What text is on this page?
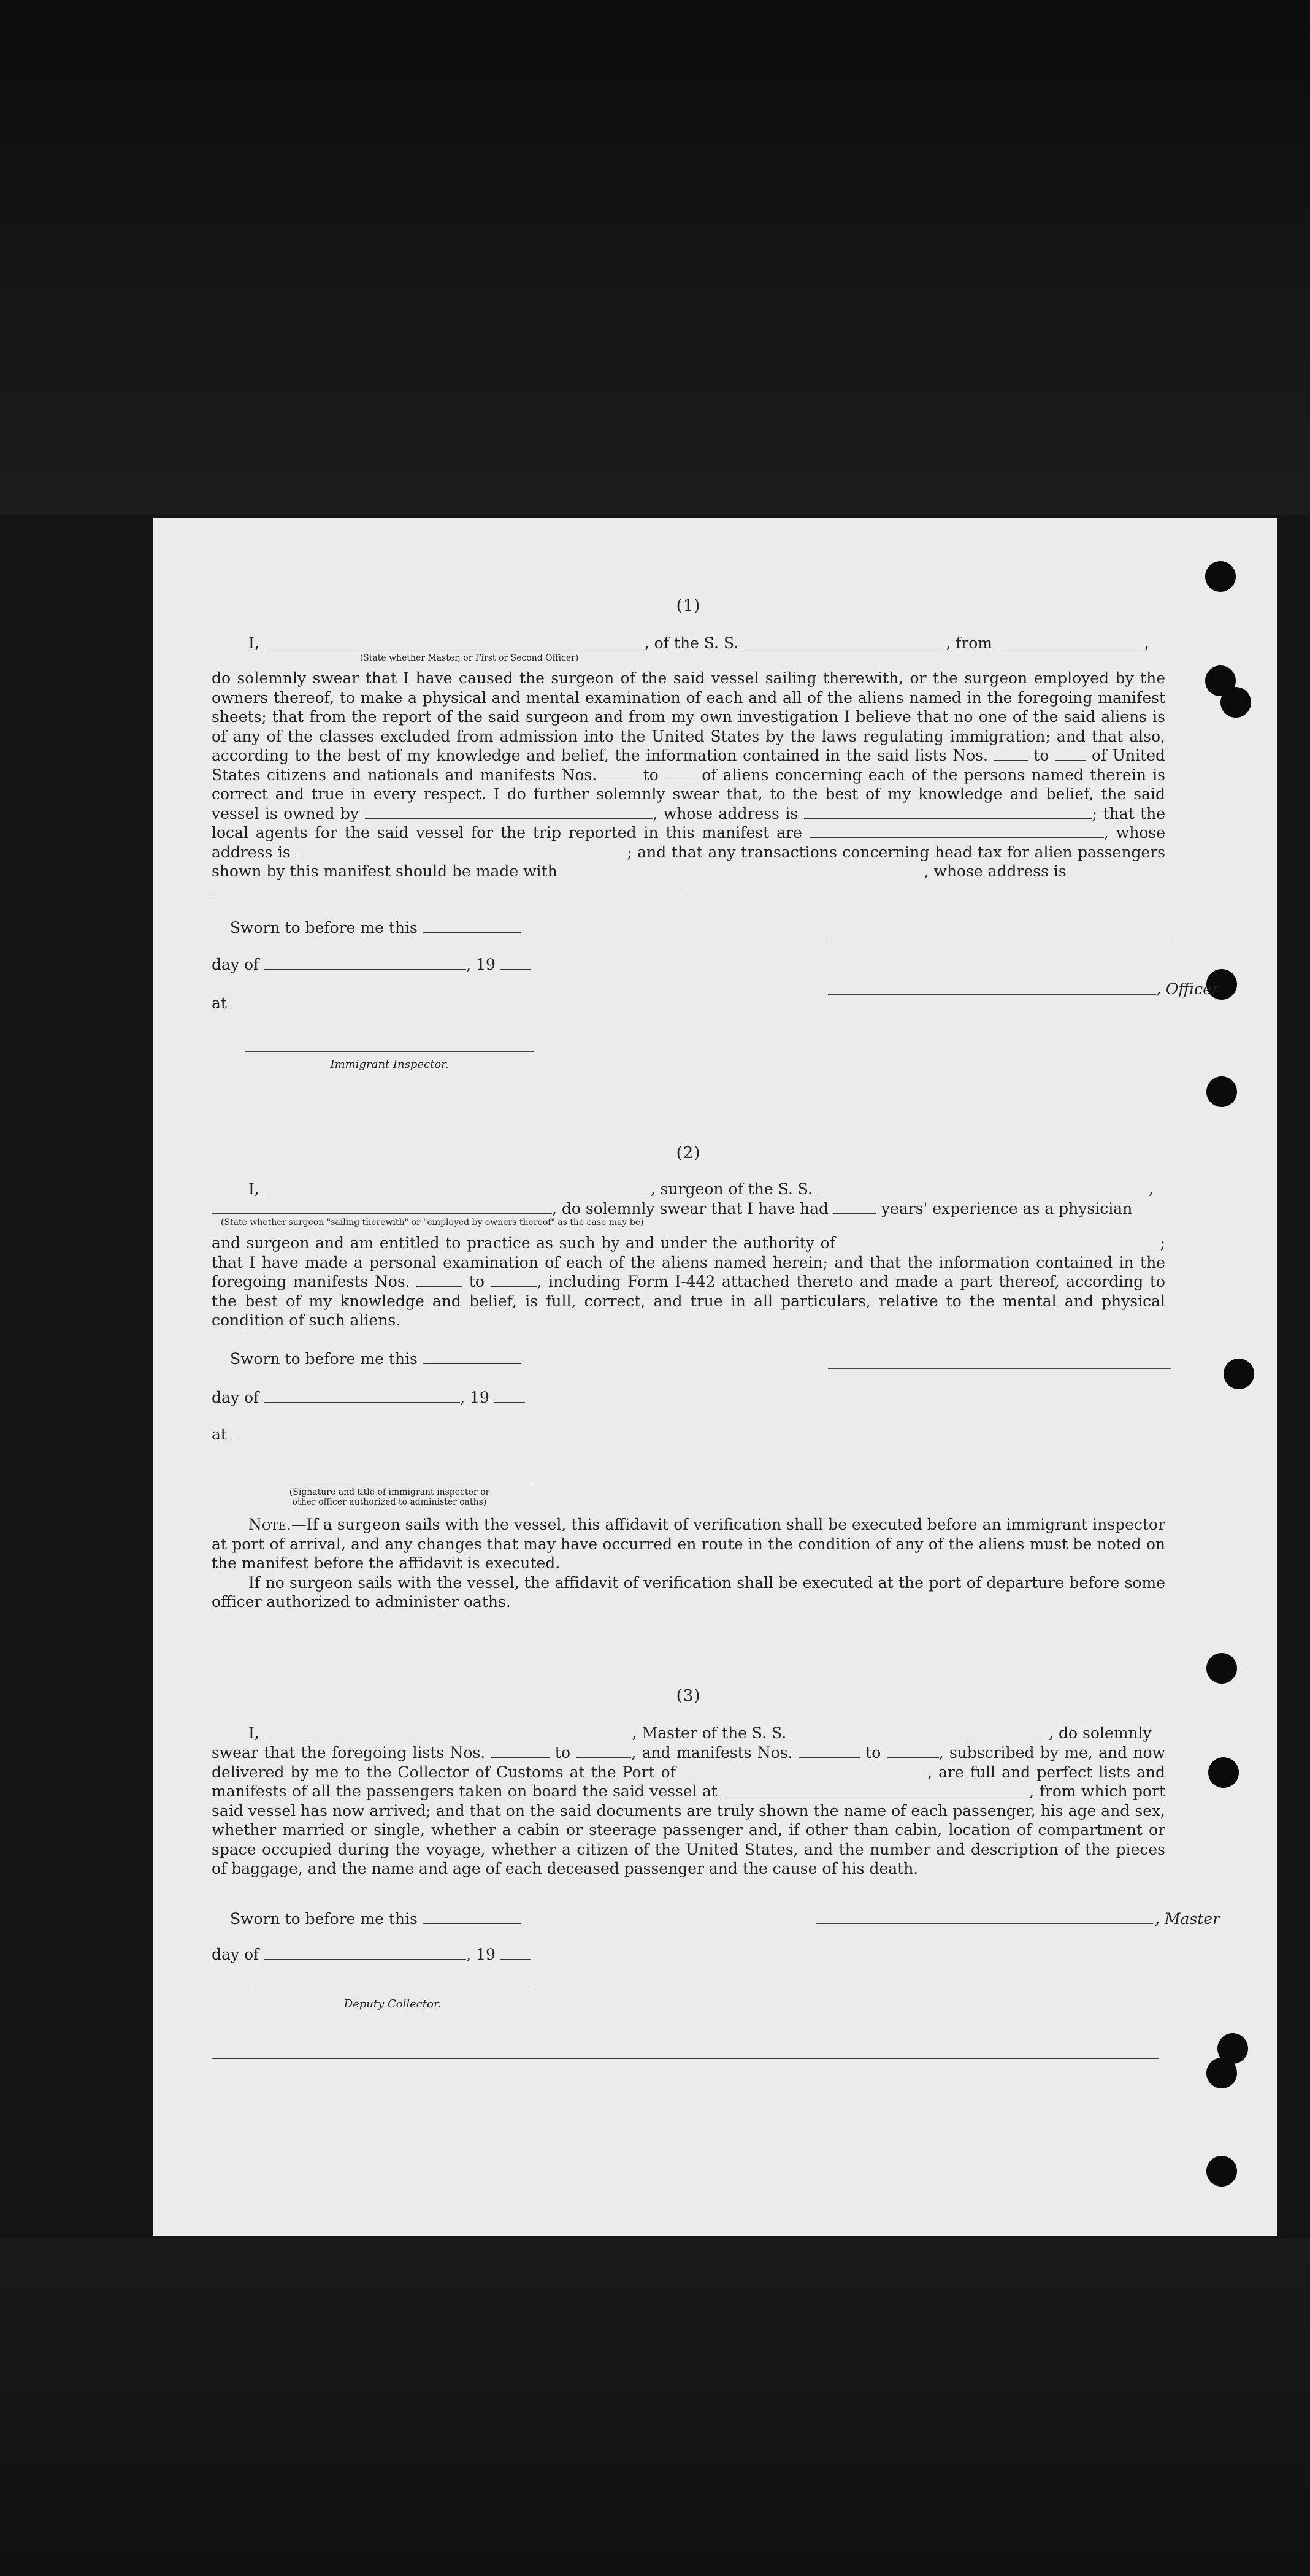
(1)
I,	, of the S. S.	, from	,
(State whether Master, or First or Second Officer)

do solemnly swear that I have caused the surgeon of the said vessel sailing therewith, or the surgeon employed by the owners thereof, to make a physical and mental examination of each and all of the aliens named in the foregoing manifest sheets; that from the report of the said surgeon and from my own investigation I believe that no one of the said aliens is of any of the classes excluded from admission into the United States by the laws regulating immigration; and that also, according to the best of my knowledge and belief, the information contained in the said lists Nos.	to	of United States citizens and nationals and manifests Nos.	to	of aliens concerning each of the persons named therein is correct and true in every respect. I do further solemnly swear that, to the best of my knowledge and belief, the said vessel is owned by	, whose address is	; that the local agents for the said vessel for the trip reported in this manifest are	, whose address is	; and that any transactions concerning head tax for alien passengers shown by this manifest should be made with	, whose address is

Sworn to before me this
day of	, 19
, Officer
at
Immigrant Inspector.
(2)
I,	, surgeon of the S. S.	,
, do solemnly swear that I have had	years' experience as a physician
(State whether surgeon "sailing therewith" or "employed by owners thereof" as the case may be)

and surgeon and am entitled to practice as such by and under the authority of	; that I have made a personal examination of each of the aliens named herein; and that the information contained in the foregoing manifests Nos.	to	, including Form I-442 attached thereto and made a part thereof, according to the best of my knowledge and belief, is full, correct, and true in all particulars, relative to the mental and physical condition of such aliens.

Sworn to before me this
day of	, 19
at
(Signature and title of immigrant inspector or
other officer authorized to administer oaths)

Note.—If a surgeon sails with the vessel, this affidavit of verification shall be executed before an immigrant inspector at port of arrival, and any changes that may have occurred en route in the condition of any of the aliens must be noted on the manifest before the affidavit is executed.

If no surgeon sails with the vessel, the affidavit of verification shall be executed at the port of departure before some officer authorized to administer oaths.

(3)
I,	, Master of the S. S.	, do solemnly

swear that the foregoing lists Nos.	to	, and manifests Nos.	to	, subscribed by me, and now delivered by me to the Collector of Customs at the Port of	, are full and perfect lists and manifests of all the passengers taken on board the said vessel at	, from which port said vessel has now arrived; and that on the said documents are truly shown the name of each passenger, his age and sex, whether married or single, whether a cabin or steerage passenger and, if other than cabin, location of compartment or space occupied during the voyage, whether a citizen of the United States, and the number and description of the pieces of baggage, and the name and age of each deceased passenger and the cause of his death.

Sworn to before me this	, Master
day of	, 19
Deputy Collector.
